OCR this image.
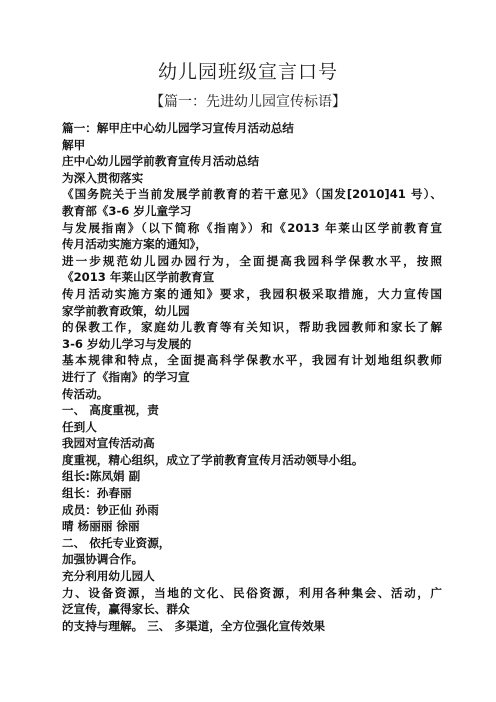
幼儿园班级宣言口号
【篇一：先进幼儿园宣传标语】
篇一：解甲庄中心幼儿园学习宣传月活动总结
解甲
庄中心幼儿园学前教育宣传月活动总结
为深入贯彻落实
《国务院关于当前发展学前教育的若干意见》（国发[2010]41 号）、
教育部《3-6 岁儿童学习
与发展指南》（以下简称《指南》）和《2013 年莱山区学前教育宣
传月活动实施方案的通知》，
进一步规范幼儿园办园行为，全面提高我园科学保教水平，按照
《2013 年莱山区学前教育宣
传月活动实施方案的通知》要求，我园积极采取措施，大力宣传国
家学前教育政策，幼儿园
的保教工作，家庭幼儿教育等有关知识，帮助我园教师和家长了解
3-6 岁幼儿学习与发展的
基本规律和特点，全面提高科学保教水平，我园有计划地组织教师
进行了《指南》的学习宣
传活动。
一、 高度重视，责
任到人
我园对宣传活动高
度重视，精心组织，成立了学前教育宣传月活动领导小组。
组长:陈凤娟 副
组长：孙春丽
成员：钞正仙 孙雨
晴 杨丽丽 徐丽
二、 依托专业资源，
加强协调合作。
充分利用幼儿园人
力、设备资源，当地的文化、民俗资源，利用各种集会、活动，广
泛宣传，赢得家长、群众
的支持与理解。 三、 多渠道，全方位强化宣传效果
